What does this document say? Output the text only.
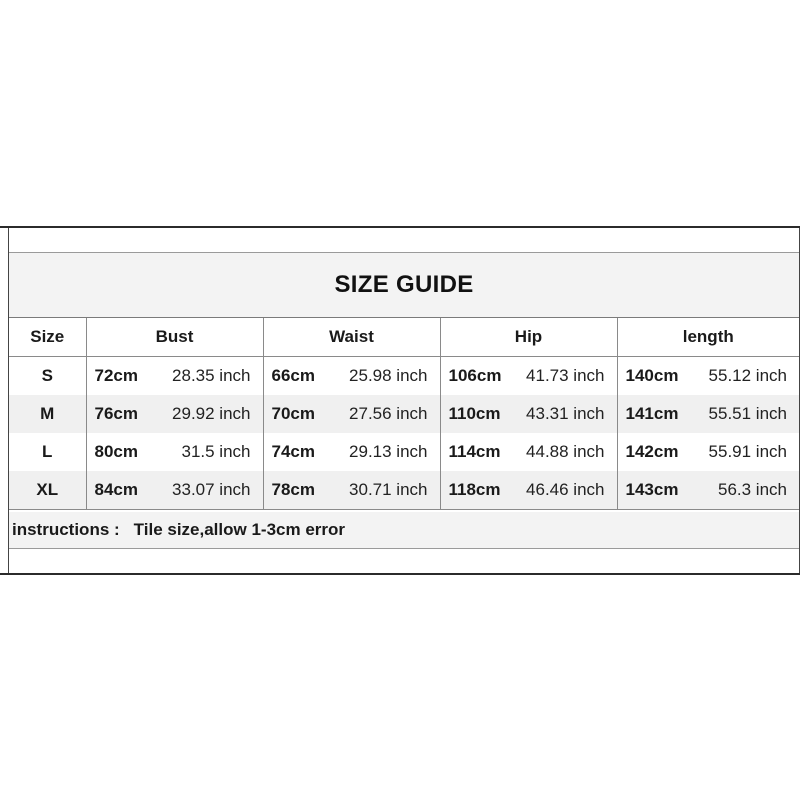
SIZE GUIDE
Size	Bust	Waist	Hip	length
S	72cm 28.35 inch	66cm 25.98 inch	106cm 41.73 inch	140cm 55.12 inch

M	76cm 29.92 inch	70cm 27.56 inch	110cm 43.31 inch	141cm 55.51 inch

L	80cm 31.5 inch	74cm 29.13 inch	114cm 44.88 inch	142cm 55.91 inch

XL	84cm 33.07 inch	78cm 30.71 inch	118cm 46.46 inch	143cm 56.3 inch
instructions : Tile size,allow 1-3cm error
